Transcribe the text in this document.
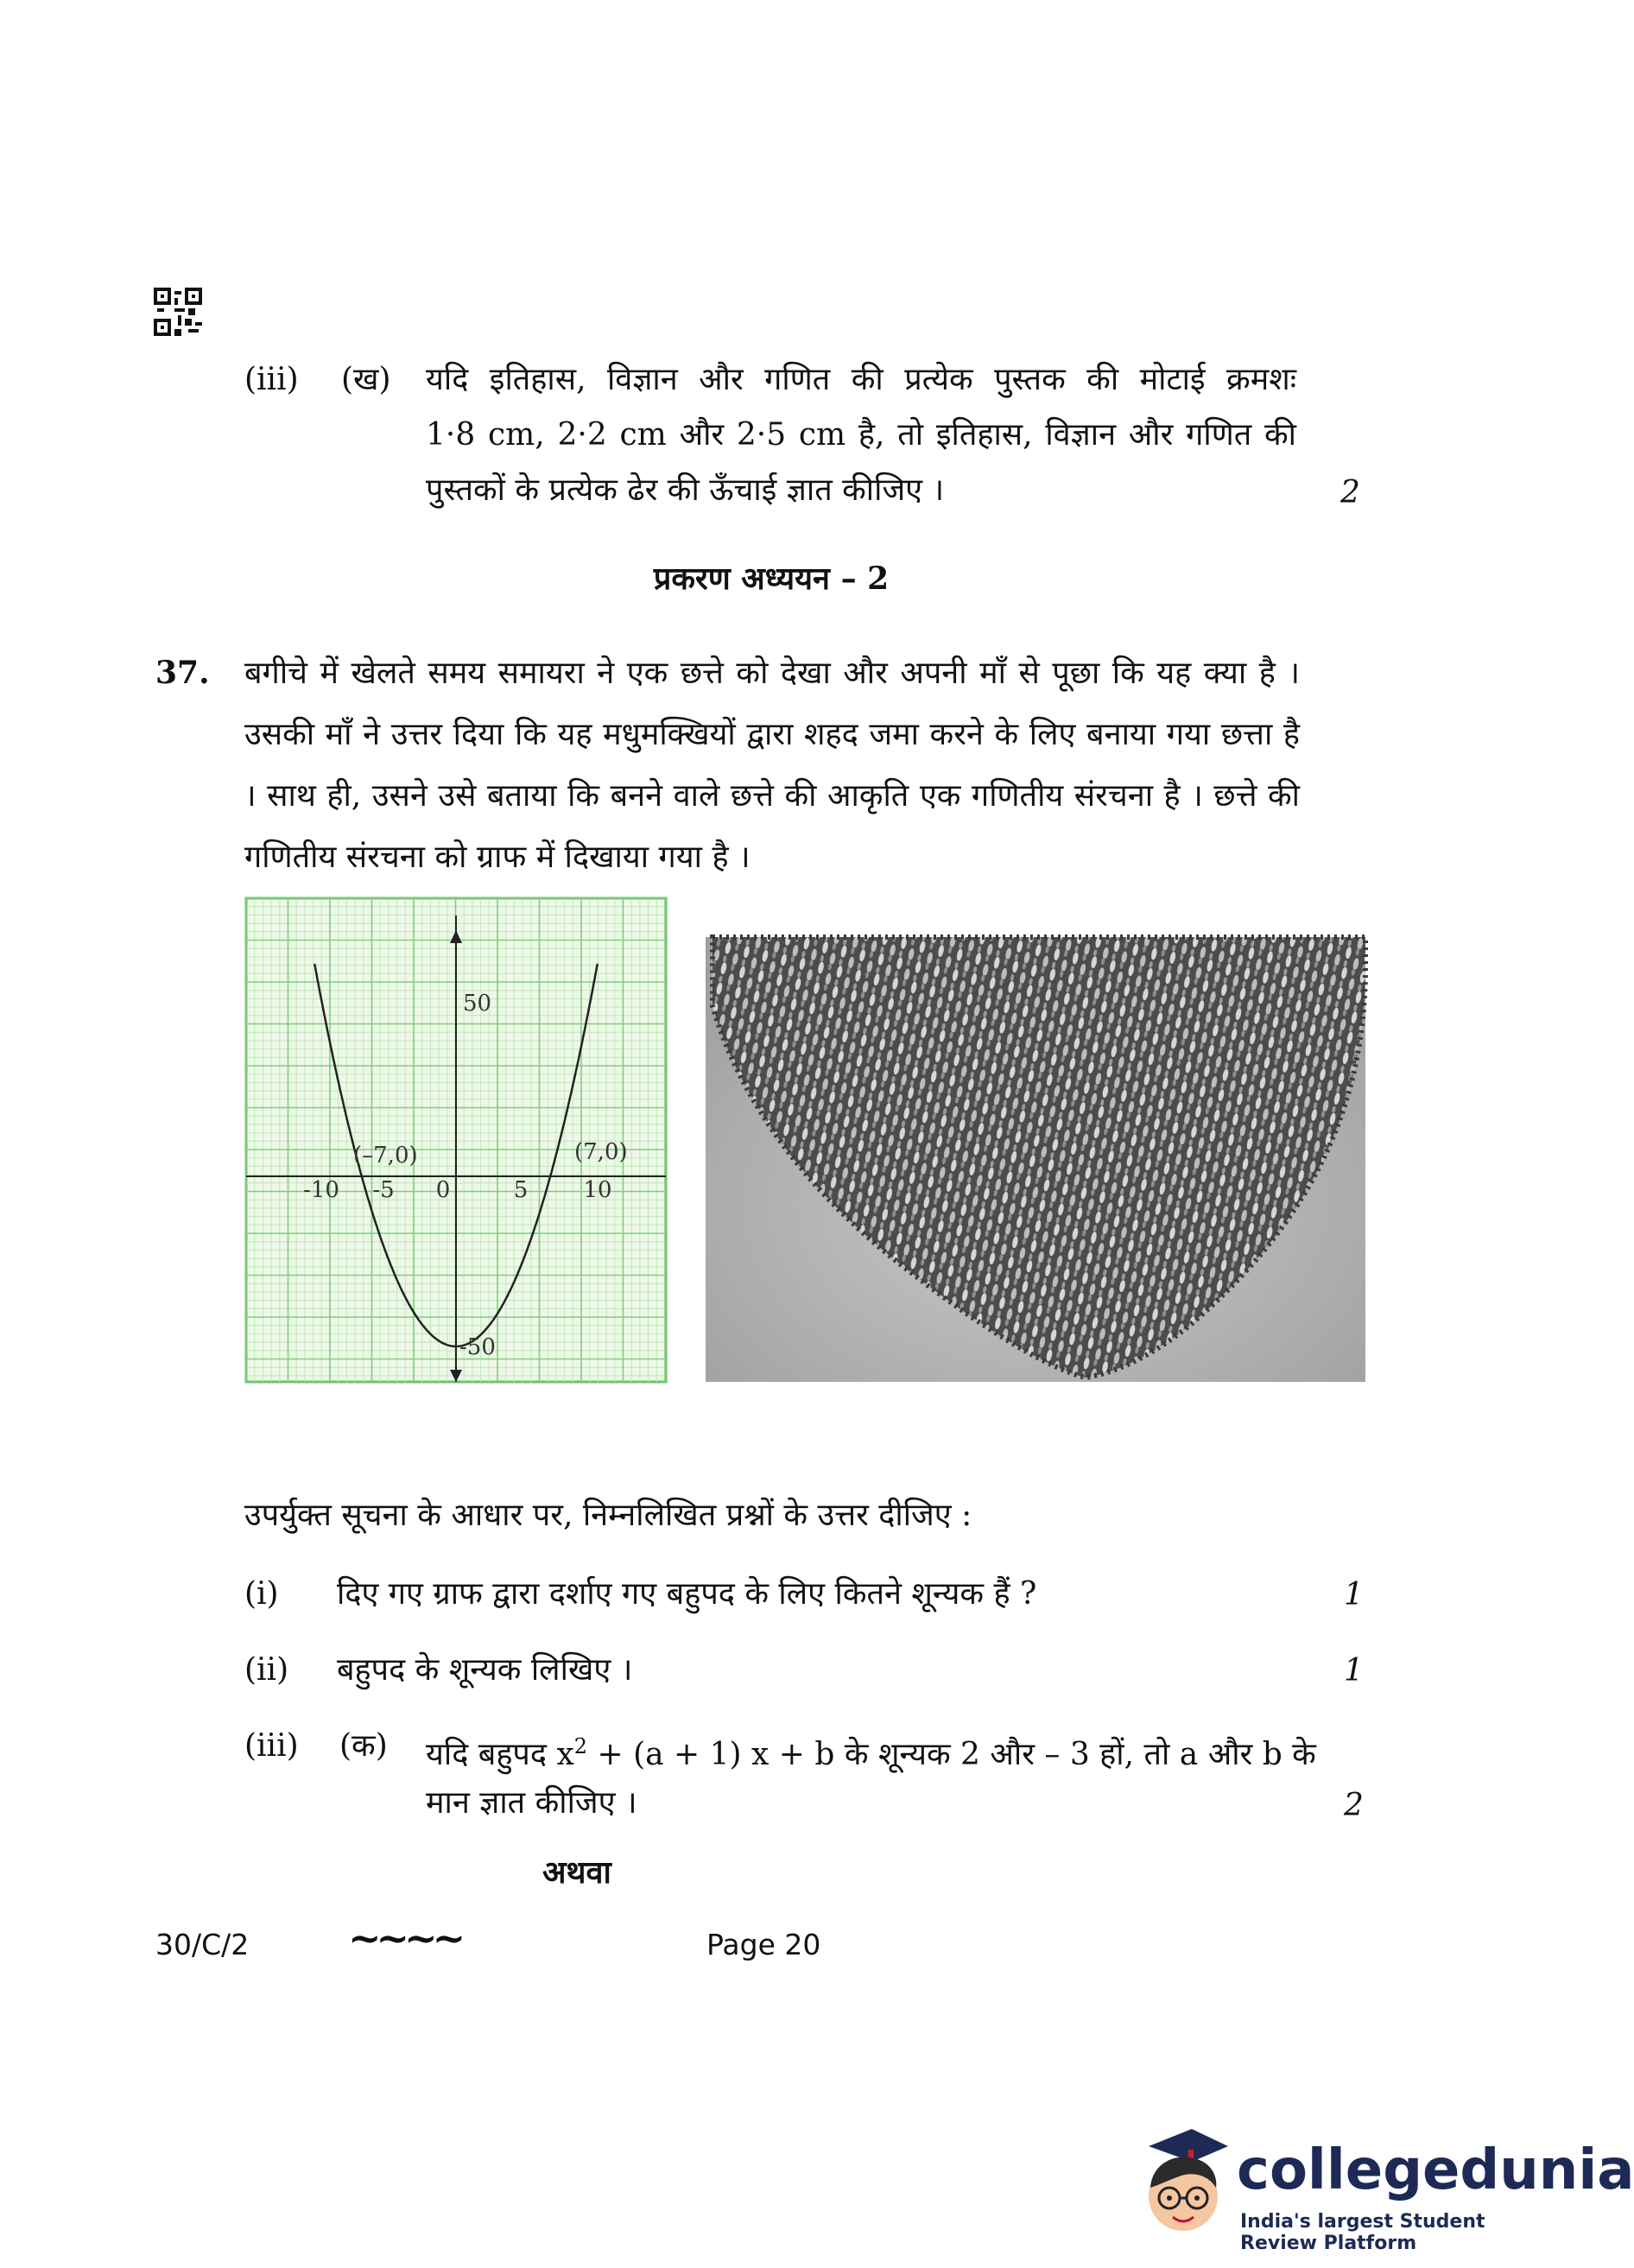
(iii) (ख) यदि इतिहास, विज्ञान और गणित की प्रत्येक पुस्तक की मोटाई क्रमशः
1·8 cm, 2·2 cm और 2·5 cm है, तो इतिहास, विज्ञान और गणित की
पुस्तकों के प्रत्येक ढेर की ऊँचाई ज्ञात कीजिए ।	2
प्रकरण अध्ययन – 2
37. बगीचे में खेलते समय समायरा ने एक छत्ते को देखा और अपनी माँ से पूछा कि यह क्या है । उसकी माँ ने उत्तर दिया कि यह मधुमक्खियों द्वारा शहद जमा करने के लिए बनाया गया छत्ता है । साथ ही, उसने उसे बताया कि बनने वाले छत्ते की आकृति एक गणितीय संरचना है । छत्ते की गणितीय संरचना को ग्राफ में दिखाया गया है ।
-10 -5 0	5 10
50
-50
(–7,0)	(7,0)
उपर्युक्त सूचना के आधार पर, निम्नलिखित प्रश्नों के उत्तर दीजिए :
(i) दिए गए ग्राफ द्वारा दर्शाए गए बहुपद के लिए कितने शून्यक हैं ?	1
(ii) बहुपद के शून्यक लिखिए ।	1
(iii) (क) यदि बहुपद $x^2 + (a + 1) x + b$ के शून्यक 2 और – 3 हों, तो a और b के
मान ज्ञात कीजिए ।	2
अथवा
30/C/2 ~~~~	Page 20
collegedunia
India's largest Student Review Platform
